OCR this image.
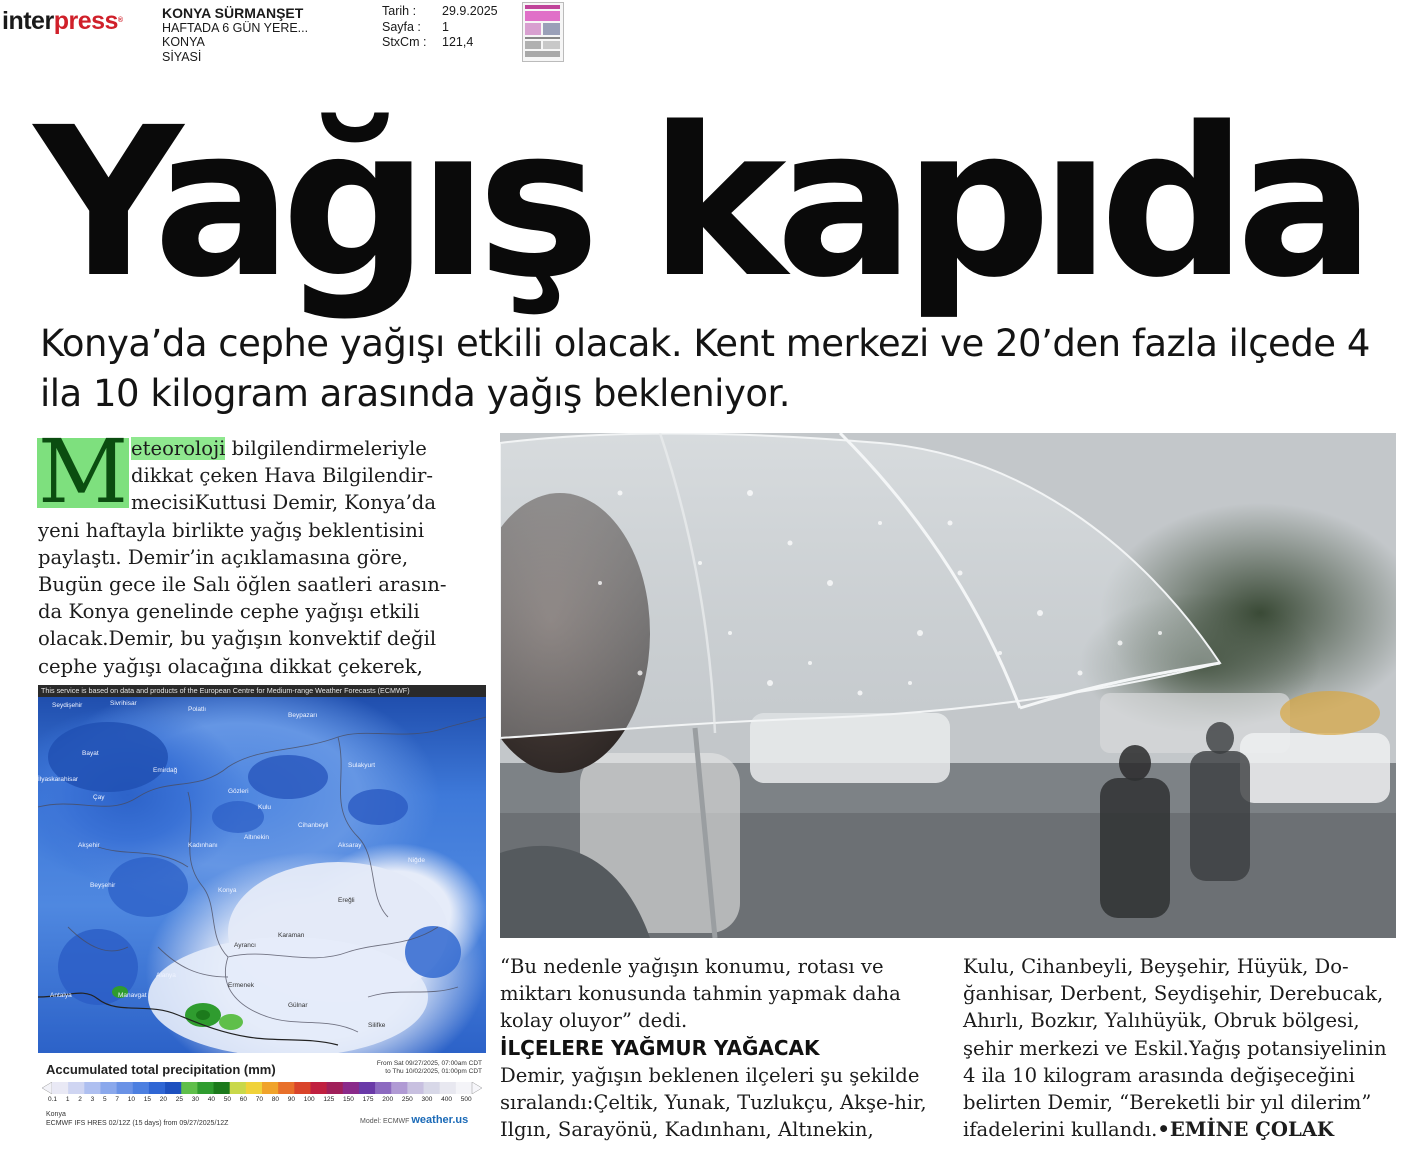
interpress®	KONYA SÜRMANŞET
HAFTADA 6 GÜN YERE...
KONYA
SİYASİ
Tarih :	29.9.2025
Sayfa :	1
StxCm :	121,4
Yağış kapıda
Konya’da cephe yağışı etkili olacak. Kent merkezi ve 20’den fazla ilçede 4 ila 10 kilogram arasında yağış bekleniyor.

M eteoroloji bilgilendirmeleriyle dikkat çeken Hava Bilgilendir-mecisiKuttusi Demir, Konya’da yeni haftayla birlikte yağış beklentisini paylaştı. Demir’in açıklamasına göre, Bugün gece ile Salı öğlen saatleri arasın-da Konya genelinde cephe yağışı etkili olacak.Demir, bu yağışın konvektif değil cephe yağışı olacağına dikkat çekerek,

This service is based on data and products of the European Centre for Medium-range Weather Forecasts (ECMWF)
Seydişehir	Sivrihisar
Polatlı
Beypazarı
Bayat
Emirdağ
İlyaskarahisar
Çay
Gözleri
Sulakyurt
Kulu
Cihanbeyli
Konya
Kadınhanı
Altınekin
Aksaray
Karaman
Ereğli
Niğde
Beyşehir
Akşehir
Manavgat
Antalya
Alanya
Silifke
Gülnar
Ayrancı
Ermenek
Accumulated total precipitation (mm)	From Sat 09/27/2025, 07:00am CDT
to Thu 10/02/2025, 01:00pm CDT
0.1 1 2 3 5 7 10 15 20 25 30 40 50 60 70 80 90 100 125 150 175 200 250 300 400 500
Konya
ECMWF IFS HRES 02/12Z (15 days) from 09/27/2025/12Z	Model: ECMWF weather.us

“Bu nedenle yağışın konumu, rotası ve miktarı konusunda tahmin yapmak daha kolay oluyor” dedi.

İLÇELERE YAĞMUR YAĞACAK

Demir, yağışın beklenen ilçeleri şu şekilde sıralandı:Çeltik, Yunak, Tuzlukçu, Akşe-hir, Ilgın, Sarayönü, Kadınhanı, Altınekin,

Kulu, Cihanbeyli, Beyşehir, Hüyük, Do-ğanhisar, Derbent, Seydişehir, Derebucak, Ahırlı, Bozkır, Yalıhüyük, Obruk bölgesi, şehir merkezi ve Eskil.Yağış potansiyelinin 4 ila 10 kilogram arasında değişeceğini belirten Demir, “Bereketli bir yıl dilerim” ifadelerini kullandı.•EMİNE ÇOLAK
